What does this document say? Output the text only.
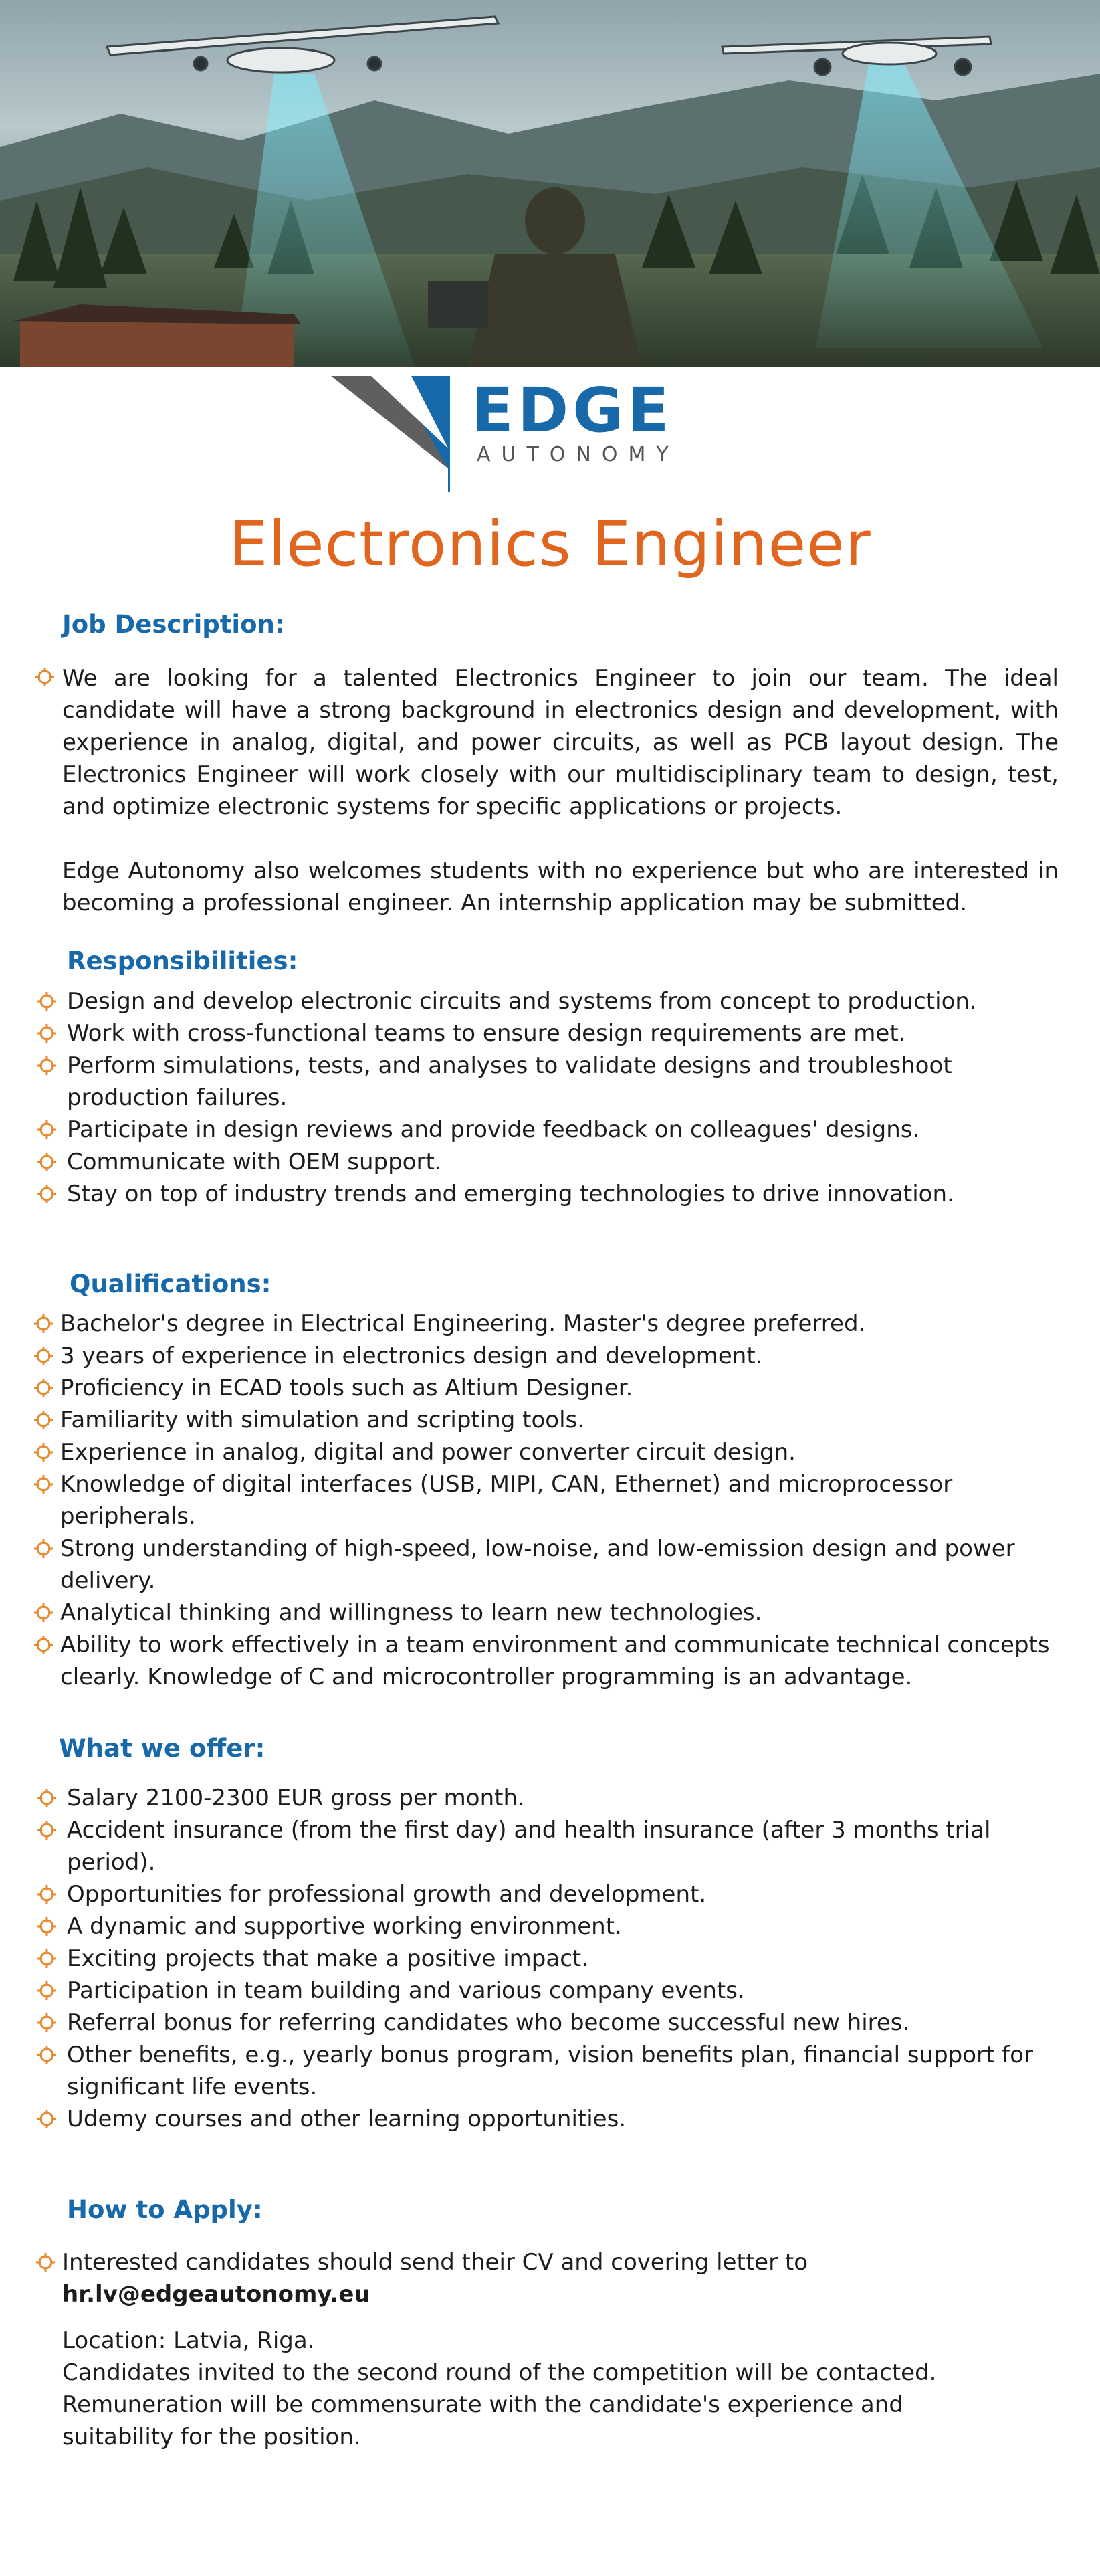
EDGE
AUTONOMY
Electronics Engineer
Job Description:
We are looking for a talented Electronics Engineer to join our team. The ideal candidate will have a strong background in electronics design and development, with experience in analog, digital, and power circuits, as well as PCB layout design. The Electronics Engineer will work closely with our multidisciplinary team to design, test, and optimize electronic systems for specific applications or projects.
Edge Autonomy also welcomes students with no experience but who are interested in becoming a professional engineer. An internship application may be submitted.
Responsibilities:
Design and develop electronic circuits and systems from concept to production.
Work with cross-functional teams to ensure design requirements are met.
Perform simulations, tests, and analyses to validate designs and troubleshoot production failures.
Participate in design reviews and provide feedback on colleagues' designs.
Communicate with OEM support.
Stay on top of industry trends and emerging technologies to drive innovation.
Qualifications:
Bachelor's degree in Electrical Engineering. Master's degree preferred.
3 years of experience in electronics design and development.
Proficiency in ECAD tools such as Altium Designer.
Familiarity with simulation and scripting tools.
Experience in analog, digital and power converter circuit design.
Knowledge of digital interfaces (USB, MIPI, CAN, Ethernet) and microprocessor peripherals.
Strong understanding of high-speed, low-noise, and low-emission design and power delivery.
Analytical thinking and willingness to learn new technologies.
Ability to work effectively in a team environment and communicate technical concepts clearly. Knowledge of C and microcontroller programming is an advantage.
What we offer:
Salary 2100-2300 EUR gross per month.
Accident insurance (from the first day) and health insurance (after 3 months trial period).
Opportunities for professional growth and development.
A dynamic and supportive working environment.
Exciting projects that make a positive impact.
Participation in team building and various company events.
Referral bonus for referring candidates who become successful new hires.
Other benefits, e.g., yearly bonus program, vision benefits plan, financial support for significant life events.
Udemy courses and other learning opportunities.
How to Apply:
Interested candidates should send their CV and covering letter to
hr.lv@edgeautonomy.eu
Location: Latvia, Riga.
Candidates invited to the second round of the competition will be contacted.
Remuneration will be commensurate with the candidate's experience and suitability for the position.
